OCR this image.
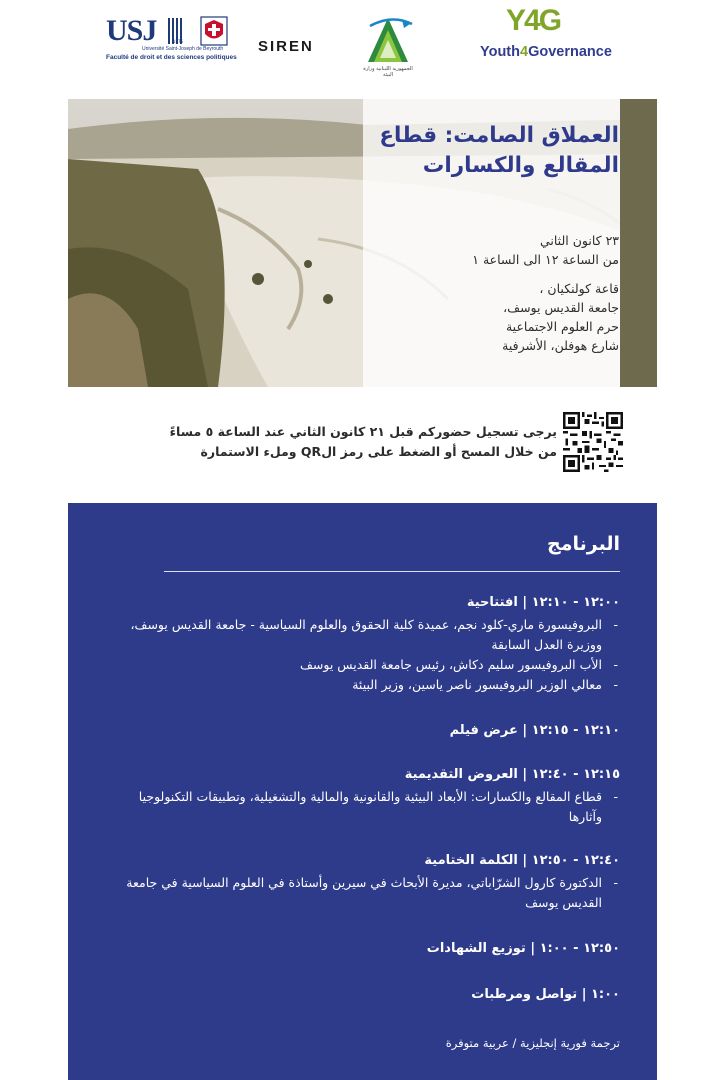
USJ	1875
Université Saint-Joseph de Beyrouth
Faculté de droit et des sciences politiques
SIREN
الجمهورية اللبنانية وزارة البيئة
Y4G
Youth4Governance
العملاق الصامت: قطاع المقالع والكسارات
٢٣ كانون الثاني
من الساعة ١٢ الى الساعة ١
قاعة كولنكيان ،
جامعة القديس يوسف،
حرم العلوم الاجتماعية
شارع هوفلن، الأشرفية
يرجى تسجيل حضوركم قبل ٢١ كانون الثاني عند الساعة ٥ مساءً
من خلال المسح أو الضغط على رمز الQR وملء الاستمارة
البرنامج
١٢:٠٠ - ١٢:١٠ | افتتاحية
- البروفيسورة ماري-كلود نجم، عميدة كلية الحقوق والعلوم السياسية - جامعة القديس يوسف، ووزيرة العدل السابقة
- الأب البروفيسور سليم دكاش، رئيس جامعة القديس يوسف
- معالي الوزير البروفيسور ناصر ياسين، وزير البيئة
١٢:١٠ - ١٢:١٥ | عرض فيلم
١٢:١٥ - ١٢:٤٠ | العروض التقديمية
- قطاع المقالع والكسارات: الأبعاد البيئية والقانونية والمالية والتشغيلية، وتطبيقات التكنولوجيا وآثارها
١٢:٤٠ - ١٢:٥٠ | الكلمة الختامية
- الدكتورة كارول الشرّاباتي، مديرة الأبحاث في سيرين وأستاذة في العلوم السياسية في جامعة القديس يوسف
١٢:٥٠ - ١:٠٠ | توزيع الشهادات
١:٠٠ | تواصل ومرطبات
ترجمة فورية إنجليزية / عربية متوفرة
